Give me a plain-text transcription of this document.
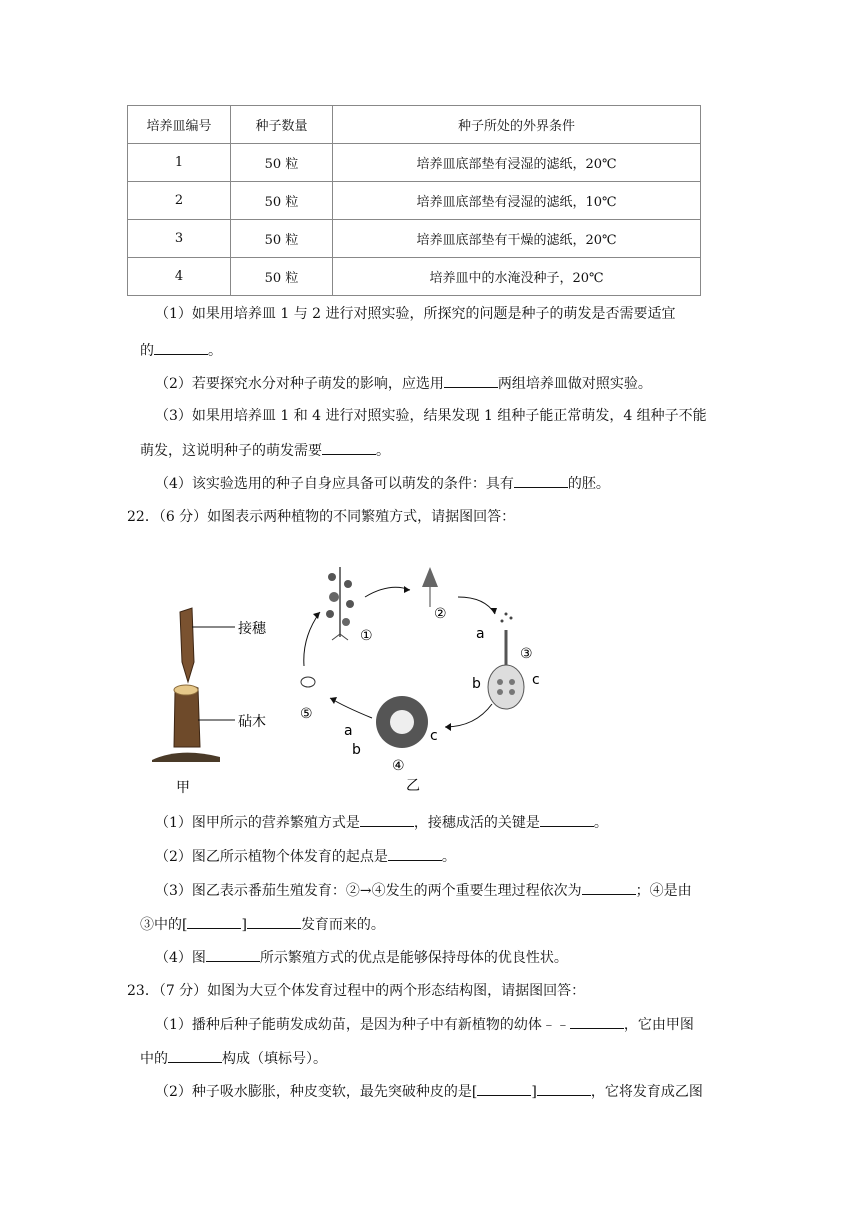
培养皿编号	种子数量	种子所处的外界条件
1	50 粒	培养皿底部垫有浸湿的滤纸，20℃
2	50 粒	培养皿底部垫有浸湿的滤纸，10℃
3	50 粒	培养皿底部垫有干燥的滤纸，20℃
4	50 粒	培养皿中的水淹没种子，20℃
（1）如果用培养皿 1 与 2 进行对照实验，所探究的问题是种子的萌发是否需要适宜
的	。
（2）若要探究水分对种子萌发的影响，应选用	两组培养皿做对照实验。
（3）如果用培养皿 1 和 4 进行对照实验，结果发现 1 组种子能正常萌发，4 组种子不能
萌发，这说明种子的萌发需要	。
（4）该实验选用的种子自身应具备可以萌发的条件：具有	的胚。
22．（6 分）如图表示两种植物的不同繁殖方式，请据图回答：
接穗
砧木
甲
①
②
a
b	c
③
a
b
c
④
乙
⑤
（1）图甲所示的营养繁殖方式是	，接穗成活的关键是	。
（2）图乙所示植物个体发育的起点是	。
（3）图乙表示番茄生殖发育：②→④发生的两个重要生理过程依次为	；④是由
③中的[	]	发育而来的。
（4）图	所示繁殖方式的优点是能够保持母体的优良性状。
23．（7 分）如图为大豆个体发育过程中的两个形态结构图，请据图回答：
（1）播种后种子能萌发成幼苗，是因为种子中有新植物的幼体﹣﹣	，它由甲图
中的	构成（填标号）。
（2）种子吸水膨胀，种皮变软，最先突破种皮的是[	]	，它将发育成乙图
